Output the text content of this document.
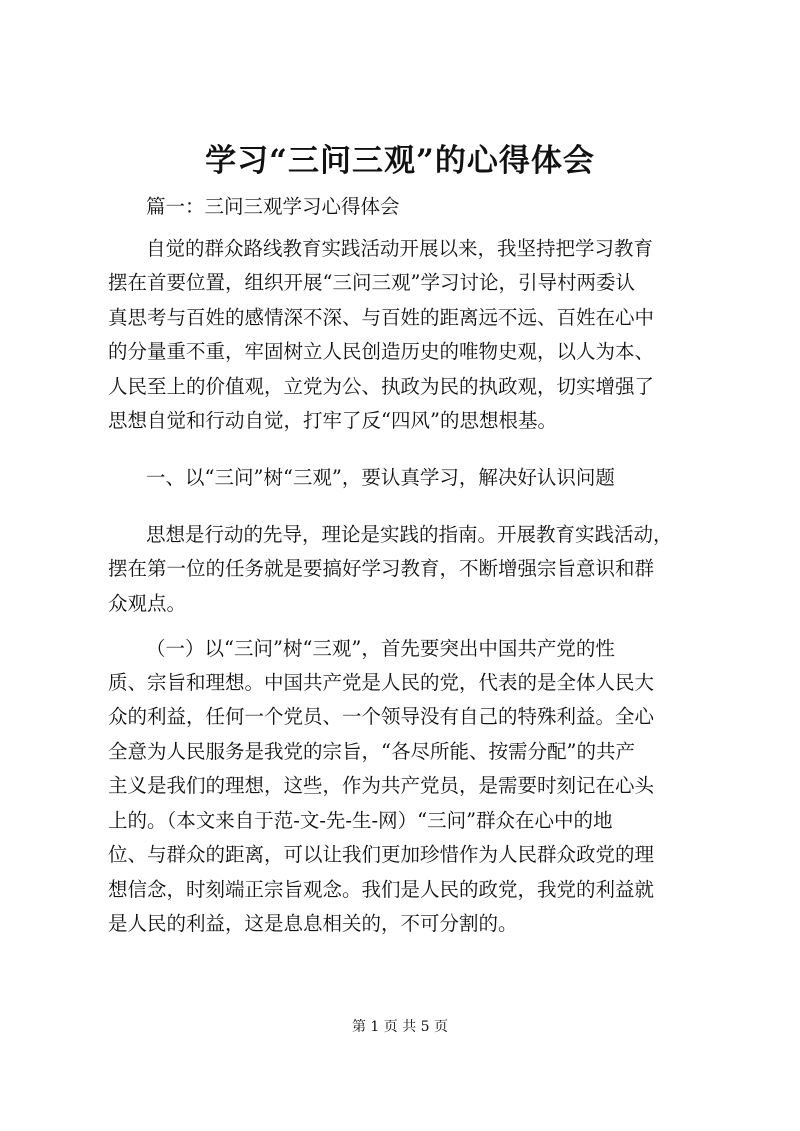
学习“三问三观”的心得体会
篇一：三问三观学习心得体会
自觉的群众路线教育实践活动开展以来，我坚持把学习教育
摆在首要位置，组织开展“三问三观”学习讨论，引导村两委认
真思考与百姓的感情深不深、与百姓的距离远不远、百姓在心中
的分量重不重，牢固树立人民创造历史的唯物史观，以人为本、
人民至上的价值观，立党为公、执政为民的执政观，切实增强了
思想自觉和行动自觉，打牢了反“四风”的思想根基。
一、以“三问”树“三观”，要认真学习，解决好认识问题
思想是行动的先导，理论是实践的指南。开展教育实践活动，
摆在第一位的任务就是要搞好学习教育，不断增强宗旨意识和群
众观点。
（一）以“三问”树“三观”，首先要突出中国共产党的性
质、宗旨和理想。中国共产党是人民的党，代表的是全体人民大
众的利益，任何一个党员、一个领导没有自己的特殊利益。全心
全意为人民服务是我党的宗旨，“各尽所能、按需分配”的共产
主义是我们的理想，这些，作为共产党员，是需要时刻记在心头
上的。（本文来自于范-文-先-生-网）“三问”群众在心中的地
位、与群众的距离，可以让我们更加珍惜作为人民群众政党的理
想信念，时刻端正宗旨观念。我们是人民的政党，我党的利益就
是人民的利益，这是息息相关的，不可分割的。
第 1 页 共 5 页
